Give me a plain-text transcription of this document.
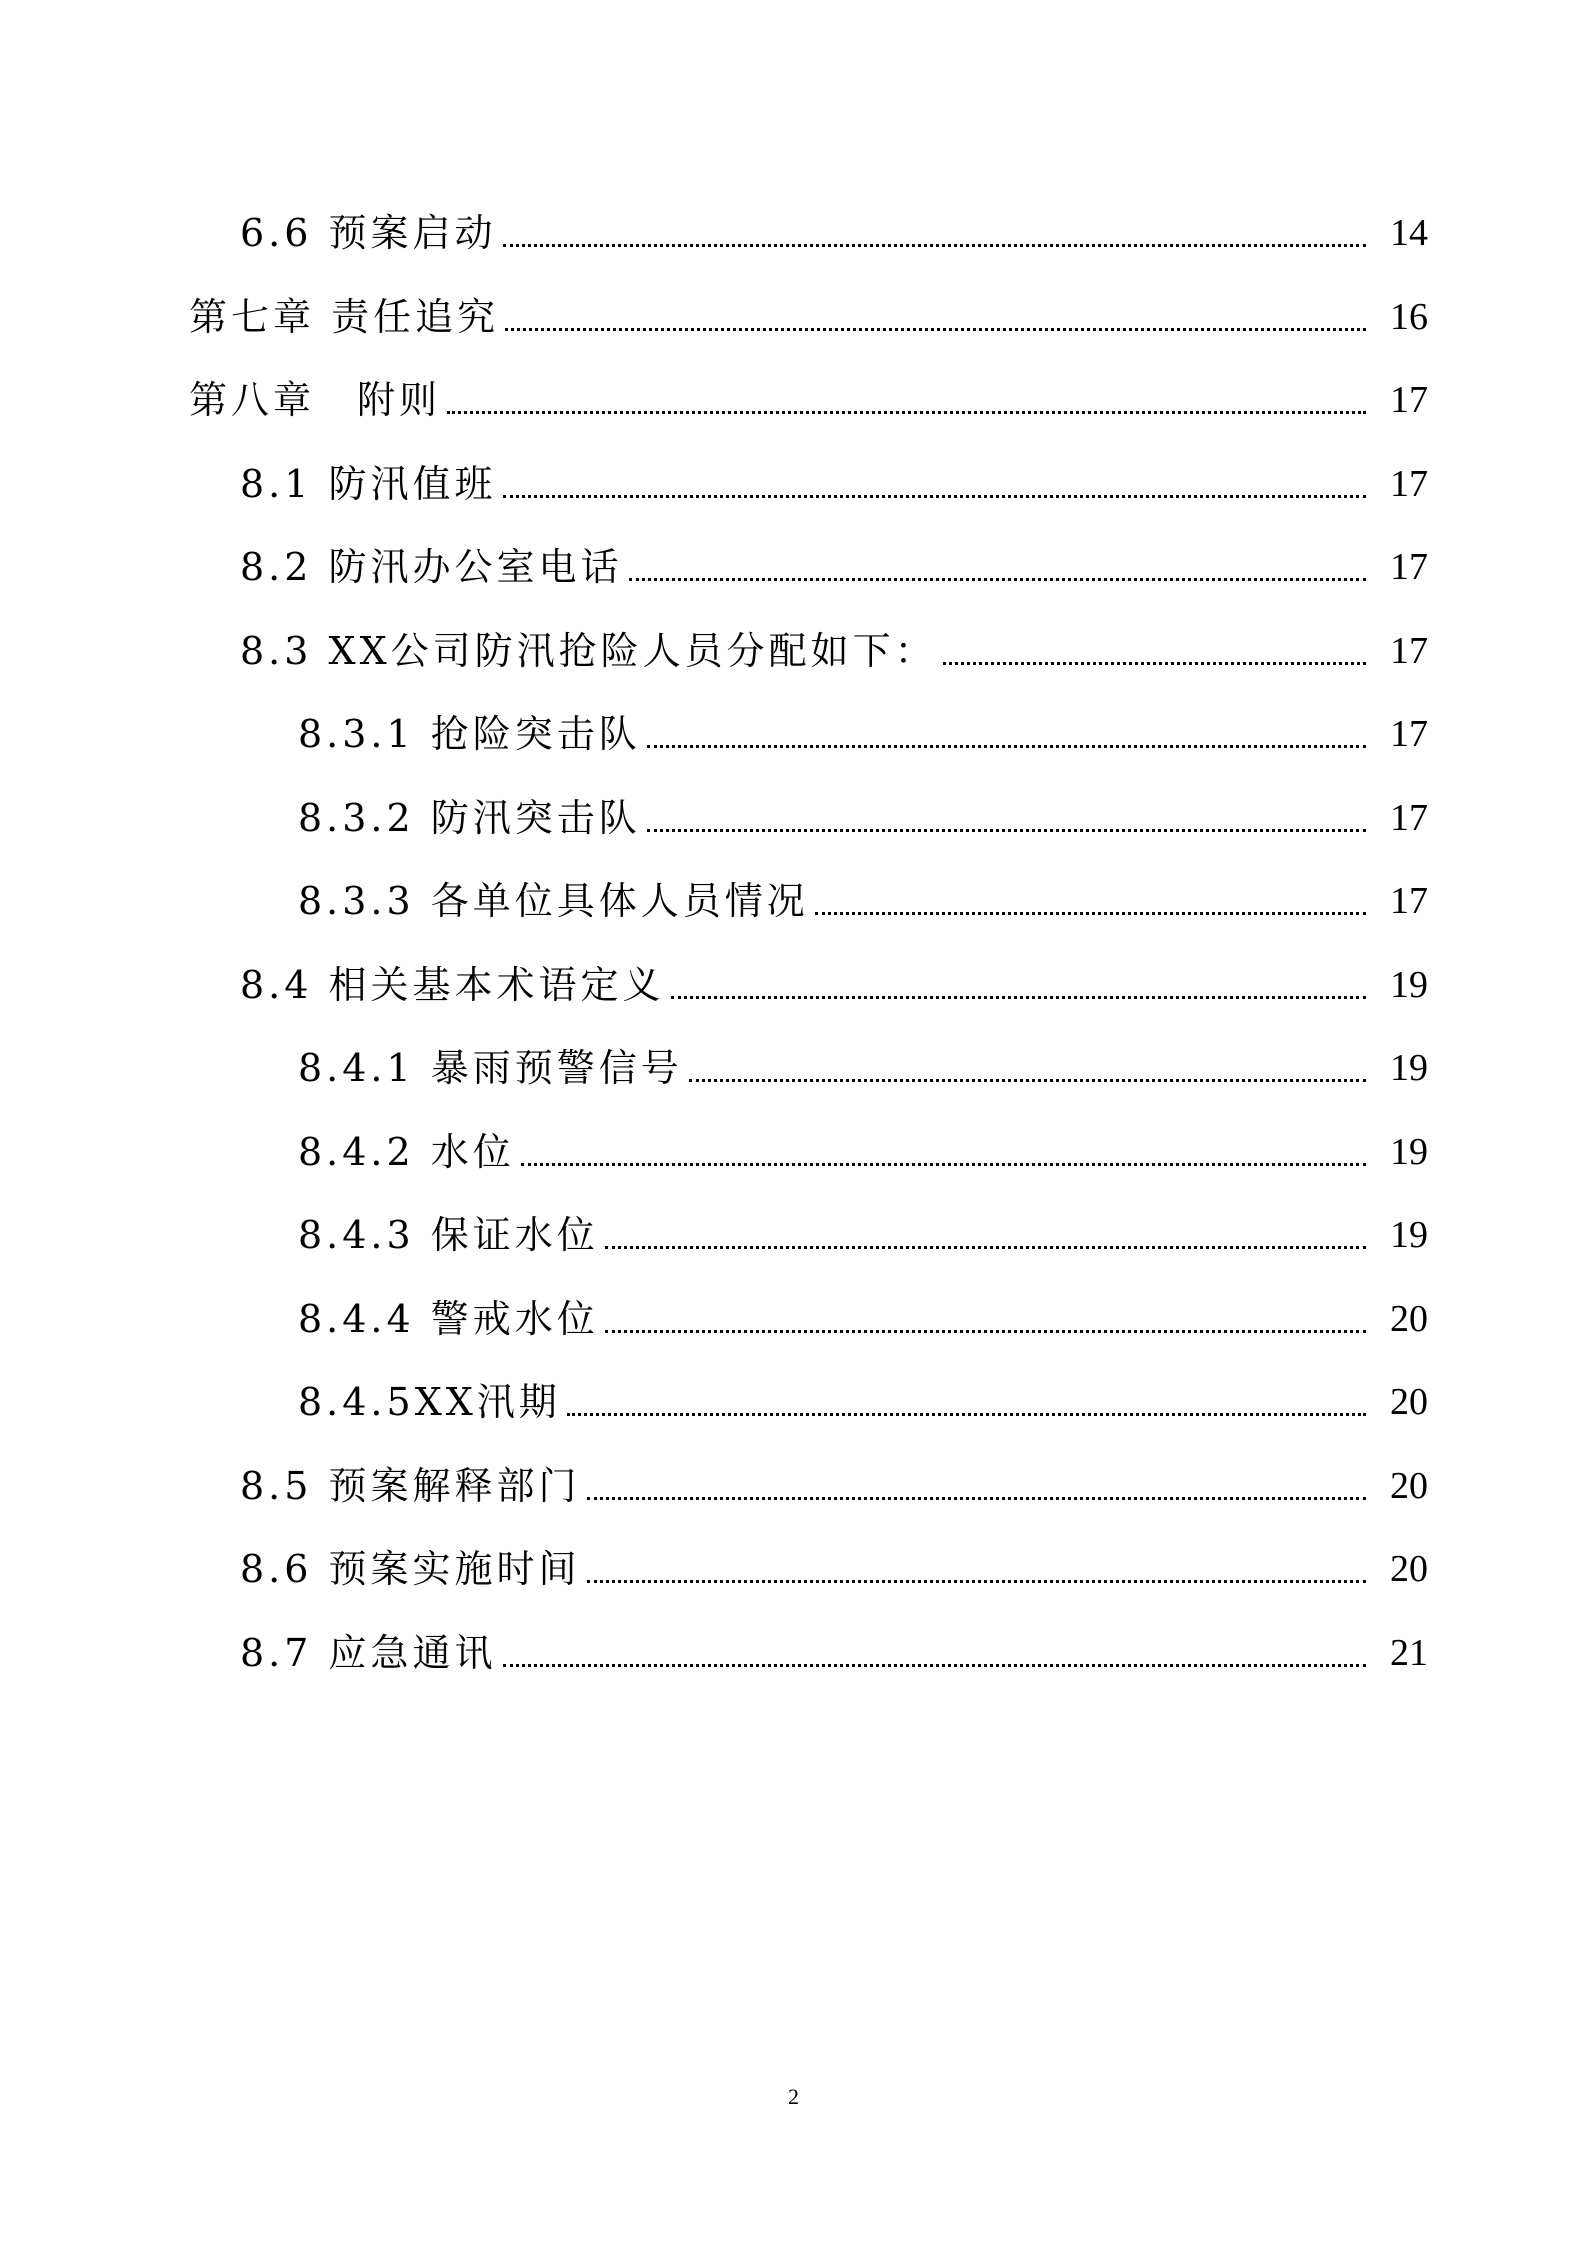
6.6 预案启动	14
第七章 责任追究	16
第八章　附则	17
8.1 防汛值班	17
8.2 防汛办公室电话	17
8.3 XX公司防汛抢险人员分配如下：	17
8.3.1 抢险突击队	17
8.3.2 防汛突击队	17
8.3.3 各单位具体人员情况	17
8.4 相关基本术语定义	19
8.4.1 暴雨预警信号	19
8.4.2 水位	19
8.4.3 保证水位	19
8.4.4 警戒水位	20
8.4.5XX汛期	20
8.5 预案解释部门	20
8.6 预案实施时间	20
8.7 应急通讯	21
2
